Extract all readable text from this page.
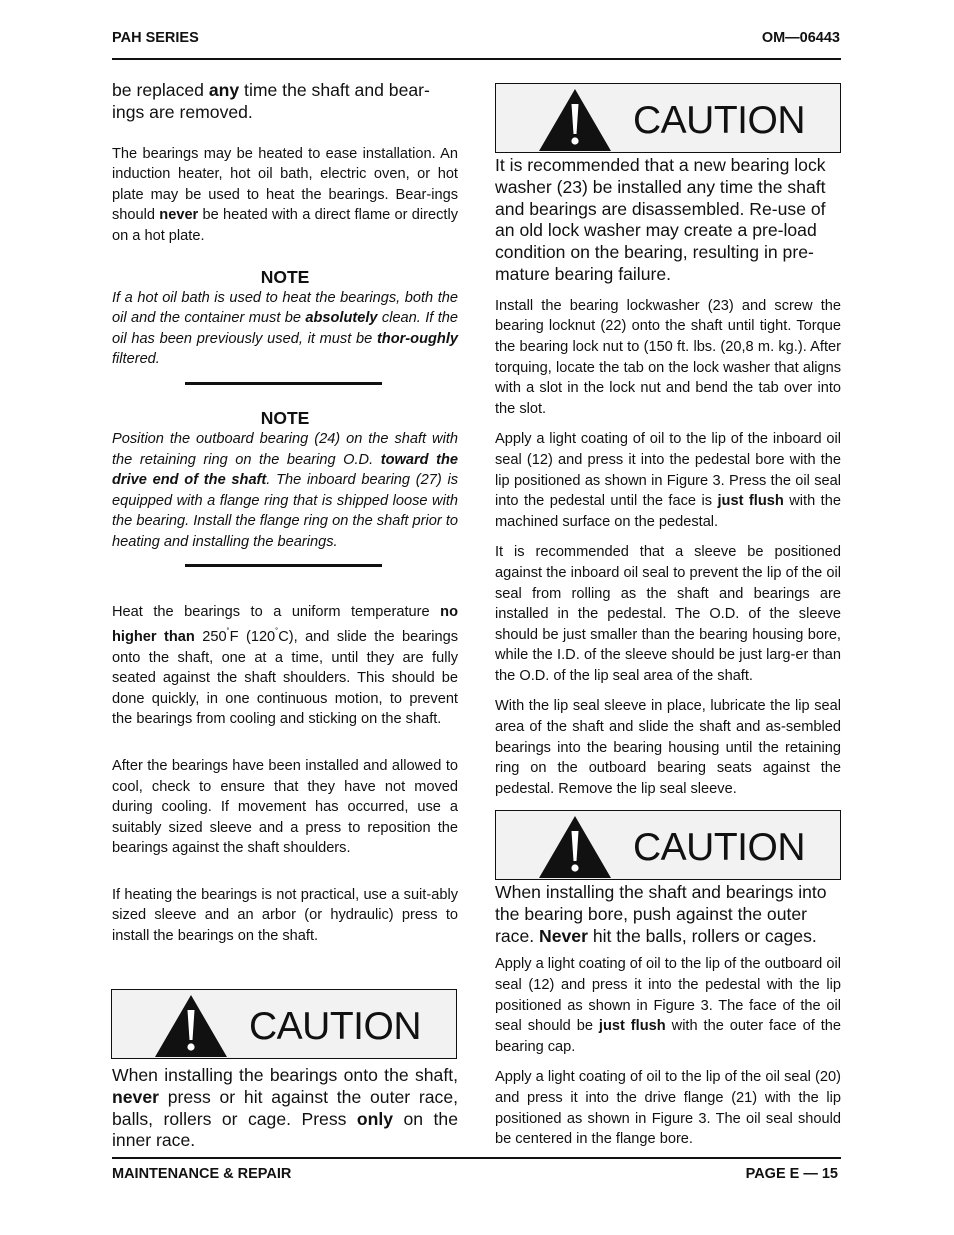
PAH SERIES	OM—06443

be replaced any time the shaft and bear-ings are removed.

The bearings may be heated to ease installation. An induction heater, hot oil bath, electric oven, or hot plate may be used to heat the bearings. Bear-ings should never be heated with a direct flame or directly on a hot plate.

NOTE

If a hot oil bath is used to heat the bearings, both the oil and the container must be absolutely clean. If the oil has been previously used, it must be thor-oughly filtered.

NOTE

Position the outboard bearing (24) on the shaft with the retaining ring on the bearing O.D. toward the drive end of the shaft. The inboard bearing (27) is equipped with a flange ring that is shipped loose with the bearing. Install the flange ring on the shaft prior to heating and installing the bearings.

Heat the bearings to a uniform temperature no higher than 250˚F (120˚C), and slide the bearings onto the shaft, one at a time, until they are fully seated against the shaft shoulders. This should be done quickly, in one continuous motion, to prevent the bearings from cooling and sticking on the shaft.

After the bearings have been installed and allowed to cool, check to ensure that they have not moved during cooling. If movement has occurred, use a suitably sized sleeve and a press to reposition the bearings against the shaft shoulders.

If heating the bearings is not practical, use a suit-ably sized sleeve and an arbor (or hydraulic) press to install the bearings on the shaft.

CAUTION

When installing the bearings onto the shaft, never press or hit against the outer race, balls, rollers or cage. Press only on the inner race.

CAUTION

It is recommended that a new bearing lock washer (23) be installed any time the shaft and bearings are disassembled. Re-use of an old lock washer may create a pre-load condition on the bearing, resulting in pre-mature bearing failure.

Install the bearing lockwasher (23) and screw the bearing locknut (22) onto the shaft until tight. Torque the bearing lock nut to (150 ft. lbs. (20,8 m. kg.). After torquing, locate the tab on the lock washer that aligns with a slot in the lock nut and bend the tab over into the slot.

Apply a light coating of oil to the lip of the inboard oil seal (12) and press it into the pedestal bore with the lip positioned as shown in Figure 3. Press the oil seal into the pedestal until the face is just flush with the machined surface on the pedestal.

It is recommended that a sleeve be positioned against the inboard oil seal to prevent the lip of the oil seal from rolling as the shaft and bearings are installed in the pedestal. The O.D. of the sleeve should be just smaller than the bearing housing bore, while the I.D. of the sleeve should be just larg-er than the O.D. of the lip seal area of the shaft.

With the lip seal sleeve in place, lubricate the lip seal area of the shaft and slide the shaft and as-sembled bearings into the bearing housing until the retaining ring on the outboard bearing seats against the pedestal. Remove the lip seal sleeve.

CAUTION

When installing the shaft and bearings into the bearing bore, push against the outer race. Never hit the balls, rollers or cages.

Apply a light coating of oil to the lip of the outboard oil seal (12) and press it into the pedestal with the lip positioned as shown in Figure 3. The face of the oil seal should be just flush with the outer face of the bearing cap.

Apply a light coating of oil to the lip of the oil seal (20) and press it into the drive flange (21) with the lip positioned as shown in Figure 3. The oil seal should be centered in the flange bore.

MAINTENANCE & REPAIR	PAGE E — 15
